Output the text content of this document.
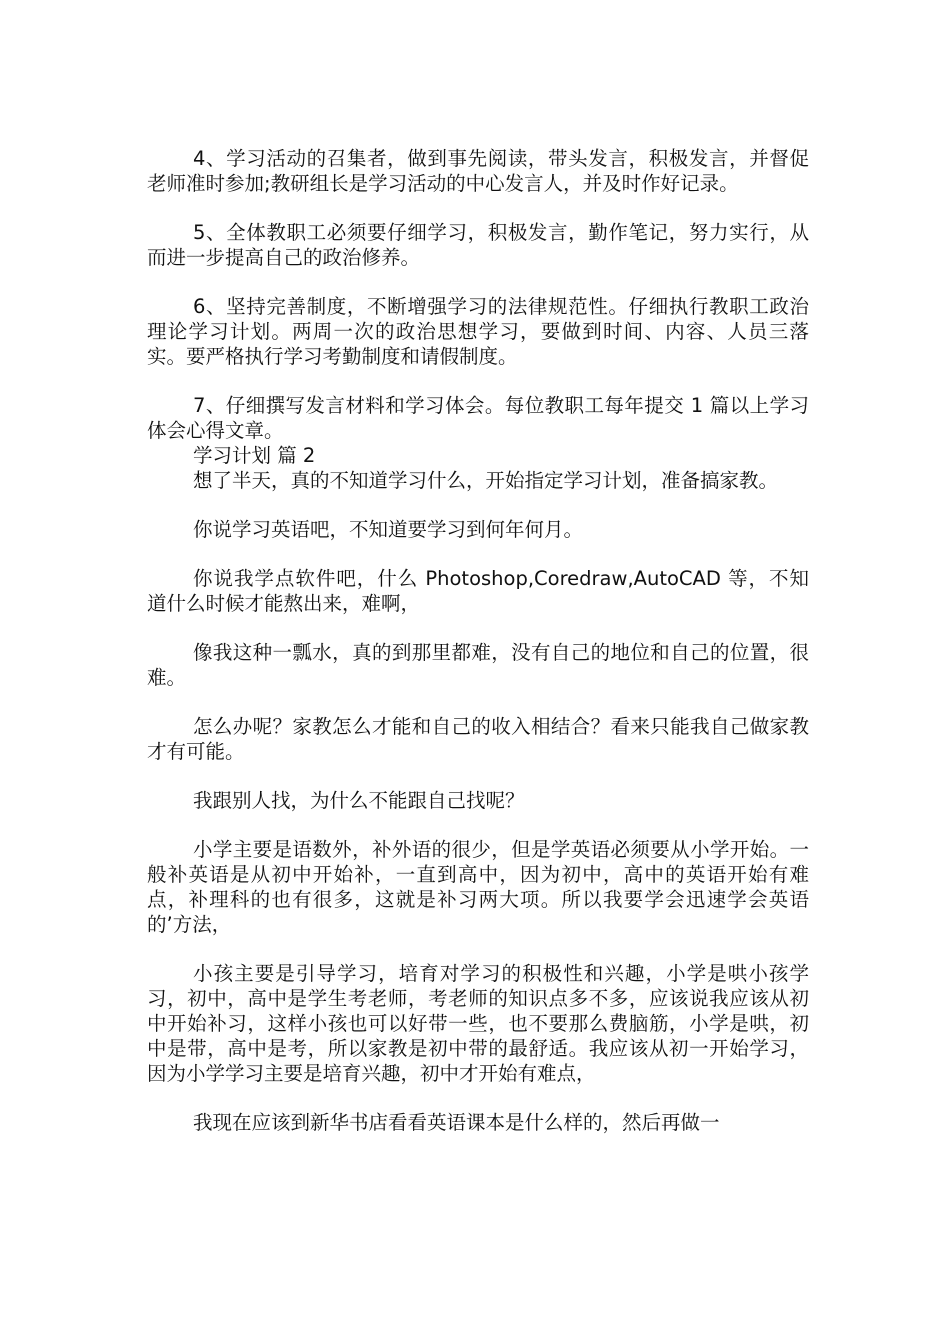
4、学习活动的召集者，做到事先阅读，带头发言，积极发言，并督促老师准时参加;教研组长是学习活动的中心发言人，并及时作好记录。

5、全体教职工必须要仔细学习，积极发言，勤作笔记，努力实行，从而进一步提高自己的政治修养。

6、坚持完善制度，不断增强学习的法律规范性。仔细执行教职工政治理论学习计划。两周一次的政治思想学习，要做到时间、内容、人员三落实。要严格执行学习考勤制度和请假制度。

7、仔细撰写发言材料和学习体会。每位教职工每年提交 1 篇以上学习体会心得文章。

学习计划 篇 2

想了半天，真的不知道学习什么，开始指定学习计划，准备搞家教。

你说学习英语吧，不知道要学习到何年何月。

你说我学点软件吧，什么 Photoshop,Coredraw,AutoCAD 等，不知道什么时候才能熬出来，难啊，

像我这种一瓢水，真的到那里都难，没有自己的地位和自己的位置，很难。

怎么办呢？家教怎么才能和自己的收入相结合？看来只能我自己做家教才有可能。

我跟别人找，为什么不能跟自己找呢？

小学主要是语数外，补外语的很少，但是学英语必须要从小学开始。一般补英语是从初中开始补，一直到高中，因为初中，高中的英语开始有难点，补理科的也有很多，这就是补习两大项。所以我要学会迅速学会英语的’方法，

小孩主要是引导学习，培育对学习的积极性和兴趣，小学是哄小孩学习，初中，高中是学生考老师，考老师的知识点多不多，应该说我应该从初中开始补习，这样小孩也可以好带一些，也不要那么费脑筋，小学是哄，初中是带，高中是考，所以家教是初中带的最舒适。我应该从初一开始学习，因为小学学习主要是培育兴趣，初中才开始有难点，

我现在应该到新华书店看看英语课本是什么样的，然后再做一
